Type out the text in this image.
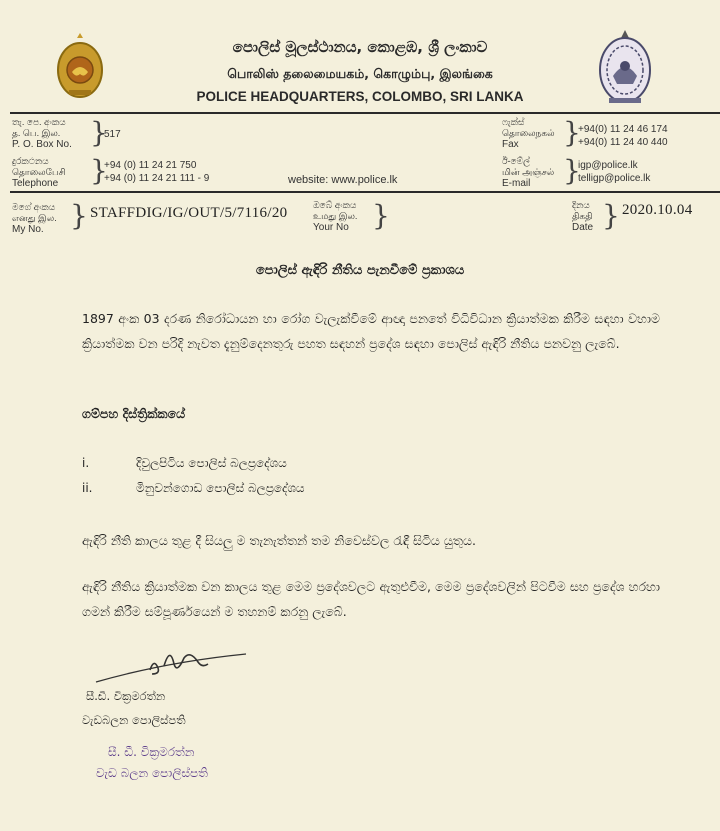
පොලිස් මූලස්ථානය, කොළඹ, ශ්‍රී ලංකාව
பொலிஸ் தலைமையகம், கொழும்பு, இலங்கை
POLICE HEADQUARTERS, COLOMBO, SRI LANKA
තැ. පෙ. අංකය
த. பெ. இல.
P. O. Box No. }
517
දුරකථනය
தொலைபேசி
Telephone }
+94 (0) 11 24 21 750
+94 (0) 11 24 21 111 - 9	website: www.police.lk
ෆැක්ස්
தொலைநகல்
Fax	}
+94(0) 11 24 46 174
+94(0) 11 24 40 440
ඊ-මේල්
மின் அஞ்சல்
E-mail	}
igp@police.lk
telligp@police.lk
මගේ අංකය
எனது இல.
My No. } STAFFDIG/IG/OUT/5/7116/20	ඔබේ අංකය
உமது இல.
Your No }	දිනය
திகதி
Date } 2020.10.04
පොලිස් ඇඳිරි නීතිය පැනවීමේ ප්‍රකාශය
1897 අංක 03 දරණ නිරෝධායන හා රෝග වැලැක්වීමේ ආඥා පනතේ විධිවිධාන ක්‍රියාත්මක කිරීම සඳහා වහාම ක්‍රියාත්මක වන පරිදි නැවත දැනුම්දෙනතුරු පහත සඳහන් ප්‍රදේශ සඳහා පොලිස් ඇඳිරි නීතිය පනවනු ලැබේ.
ගම්පහ දිස්ත්‍රික්කයේ
i.	දිවුලපිටිය පොලිස් බලප්‍රදේශය
ii.	මිනුවන්ගොඩ පොලිස් බලප්‍රදේශය
ඇඳිරි නීති කාලය තුළ දී සියලු ම තැනැත්තන් තම නිවෙස්වල රැඳී සිටිය යුතුය.
ඇඳිරි නීතිය ක්‍රියාත්මක වන කාලය තුළ මෙම ප්‍රදේශවලට ඇතුළුවීම, මෙම ප්‍රදේශවලින් පිටවීම සහ ප්‍රදේශ හරහා ගමන් කිරීම සම්පූර්ණයෙන් ම තහනම් කරනු ලැබේ.
සී.ඩී. වික්‍රමරත්න
වැඩබලන පොලිස්පති
සී. ඩී. වික්‍රමරත්න
වැඩ බලන පොලිස්පති
